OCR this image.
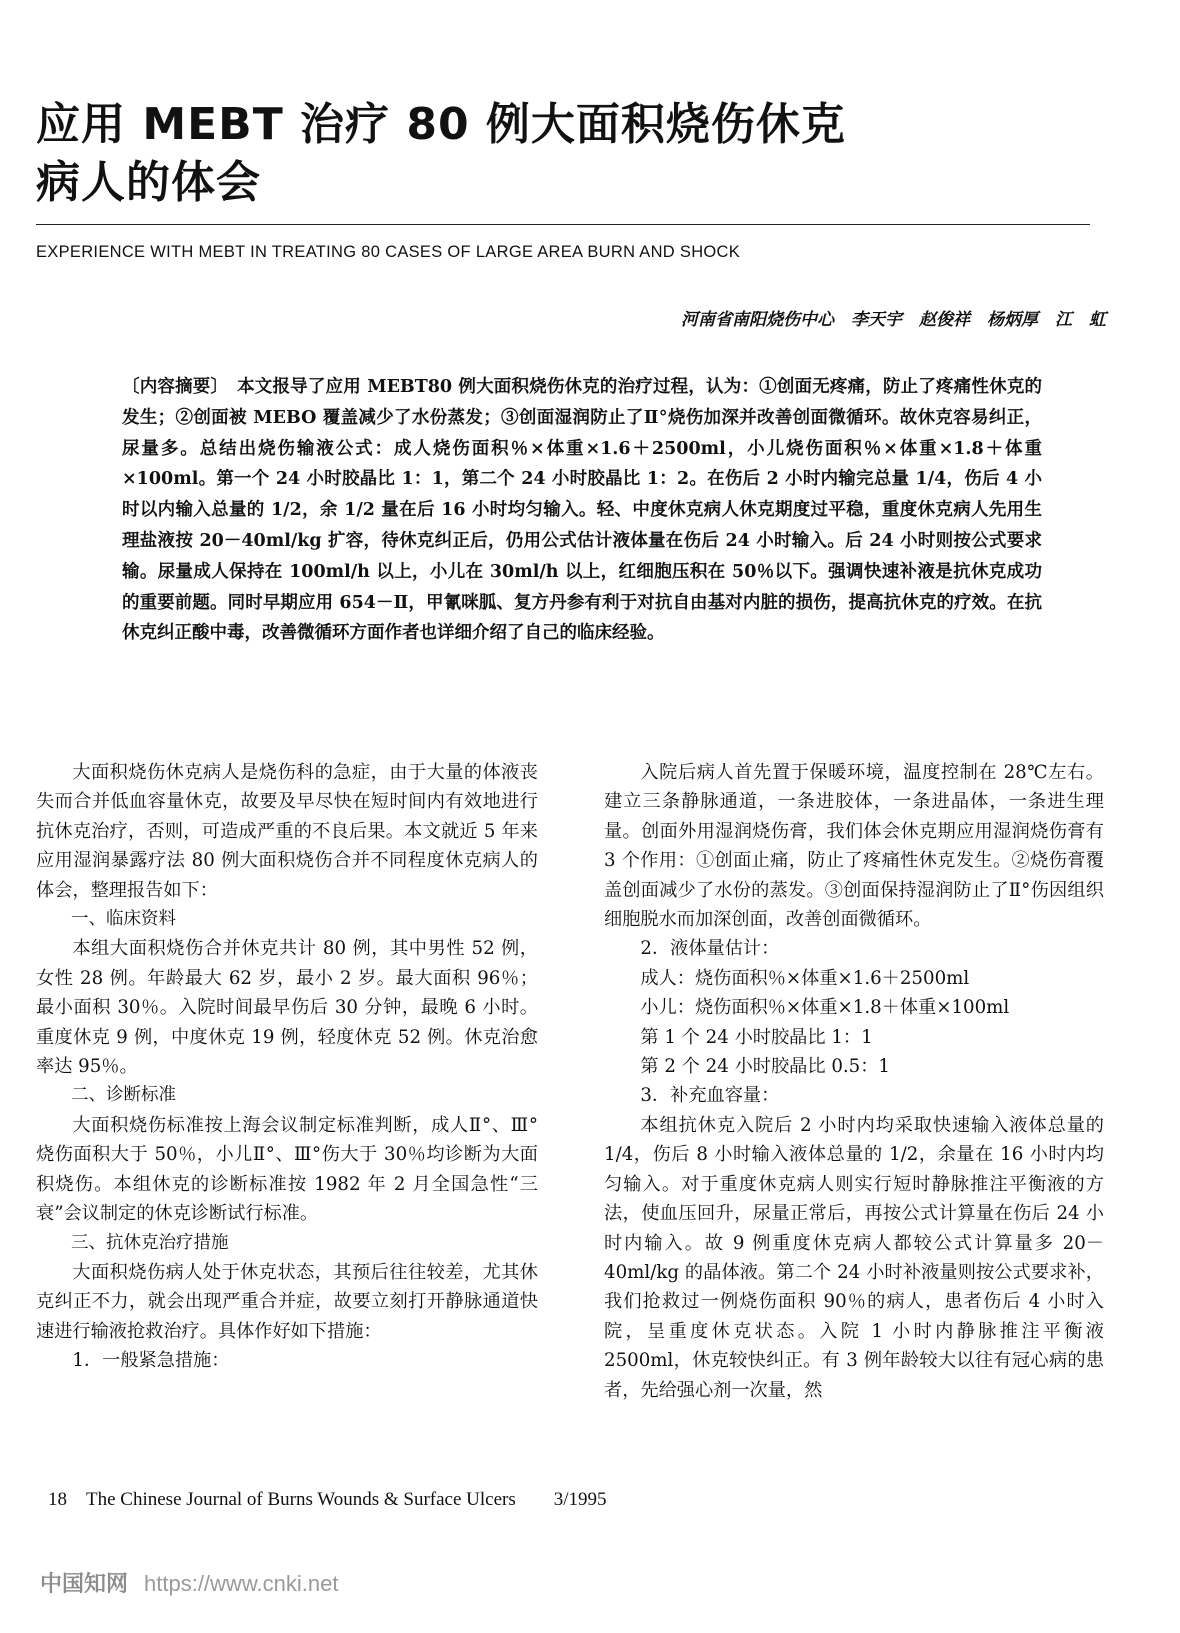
应用 MEBT 治疗 80 例大面积烧伤休克
病人的体会
EXPERIENCE WITH MEBT IN TREATING 80 CASES OF LARGE AREA BURN AND SHOCK
河南省南阳烧伤中心　李天宇　赵俊祥　杨炳厚　江　虹

〔内容摘要〕　本文报导了应用 MEBT80 例大面积烧伤休克的治疗过程，认为：①创面无疼痛，防止了疼痛性休克的发生；②创面被 MEBO 覆盖减少了水份蒸发；③创面湿润防止了Ⅱ°烧伤加深并改善创面微循环。故休克容易纠正，尿量多。总结出烧伤输液公式：成人烧伤面积％×体重×1.6＋2500ml，小儿烧伤面积％×体重×1.8＋体重×100ml。第一个 24 小时胶晶比 1：1，第二个 24 小时胶晶比 1：2。在伤后 2 小时内输完总量 1/4，伤后 4 小时以内输入总量的 1/2，余 1/2 量在后 16 小时均匀输入。轻、中度休克病人休克期度过平稳，重度休克病人先用生理盐液按 20－40ml/kg 扩容，待休克纠正后，仍用公式估计液体量在伤后 24 小时输入。后 24 小时则按公式要求输。尿量成人保持在 100ml/h 以上，小儿在 30ml/h 以上，红细胞压积在 50％以下。强调快速补液是抗休克成功的重要前题。同时早期应用 654－Ⅱ，甲氰咪胍、复方丹参有利于对抗自由基对内脏的损伤，提高抗休克的疗效。在抗休克纠正酸中毒，改善微循环方面作者也详细介绍了自己的临床经验。

大面积烧伤休克病人是烧伤科的急症，由于大量的体液丧失而合并低血容量休克，故要及早尽快在短时间内有效地进行抗休克治疗，否则，可造成严重的不良后果。本文就近 5 年来应用湿润暴露疗法 80 例大面积烧伤合并不同程度休克病人的体会，整理报告如下：

一、临床资料

本组大面积烧伤合并休克共计 80 例，其中男性 52 例，女性 28 例。年龄最大 62 岁，最小 2 岁。最大面积 96％；最小面积 30％。入院时间最早伤后 30 分钟，最晚 6 小时。重度休克 9 例，中度休克 19 例，轻度休克 52 例。休克治愈率达 95％。

二、诊断标准

大面积烧伤标准按上海会议制定标准判断，成人Ⅱ°、Ⅲ°烧伤面积大于 50％，小儿Ⅱ°、Ⅲ°伤大于 30％均诊断为大面积烧伤。本组休克的诊断标准按 1982 年 2 月全国急性“三衰”会议制定的休克诊断试行标准。

三、抗休克治疗措施

大面积烧伤病人处于休克状态，其预后往往较差，尤其休克纠正不力，就会出现严重合并症，故要立刻打开静脉通道快速进行输液抢救治疗。具体作好如下措施：

1．一般紧急措施：

入院后病人首先置于保暖环境，温度控制在 28℃左右。建立三条静脉通道，一条进胶体，一条进晶体，一条进生理量。创面外用湿润烧伤膏，我们体会休克期应用湿润烧伤膏有 3 个作用：①创面止痛，防止了疼痛性休克发生。②烧伤膏覆盖创面减少了水份的蒸发。③创面保持湿润防止了Ⅱ°伤因组织细胞脱水而加深创面，改善创面微循环。

2．液体量估计：

成人：烧伤面积％×体重×1.6＋2500ml

小儿：烧伤面积％×体重×1.8＋体重×100ml

第 1 个 24 小时胶晶比 1：1

第 2 个 24 小时胶晶比 0.5：1

3．补充血容量：

本组抗休克入院后 2 小时内均采取快速输入液体总量的 1/4，伤后 8 小时输入液体总量的 1/2，余量在 16 小时内均匀输入。对于重度休克病人则实行短时静脉推注平衡液的方法，使血压回升，尿量正常后，再按公式计算量在伤后 24 小时内输入。故 9 例重度休克病人都较公式计算量多 20－40ml/kg 的晶体液。第二个 24 小时补液量则按公式要求补，我们抢救过一例烧伤面积 90％的病人，患者伤后 4 小时入院，呈重度休克状态。入院 1 小时内静脉推注平衡液 2500ml，休克较快纠正。有 3 例年龄较大以往有冠心病的患者，先给强心剂一次量，然

18　The Chinese Journal of Burns Wounds & Surface Ulcers　　3/1995
中国知网 https://www.cnki.net
